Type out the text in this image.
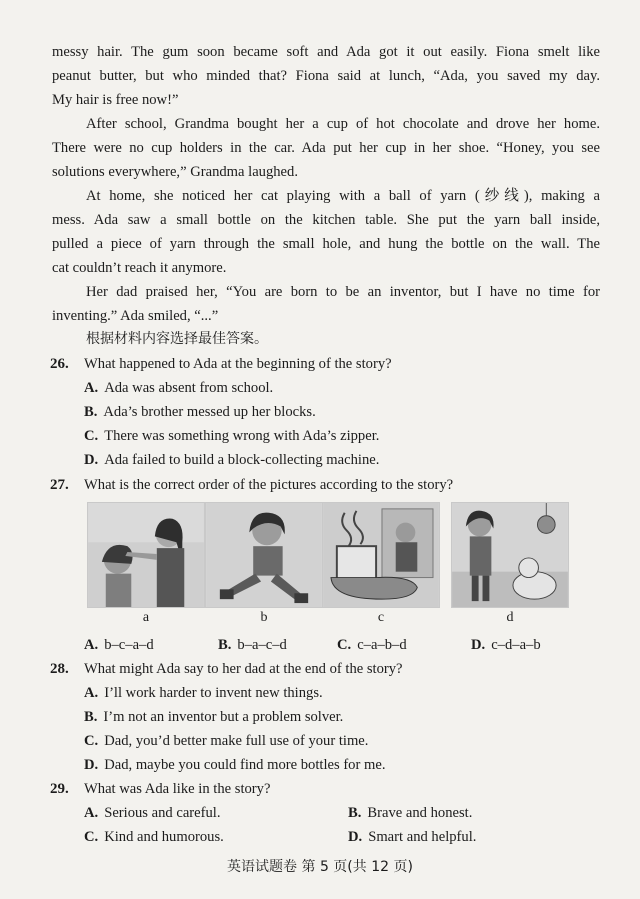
messy hair. The gum soon became soft and Ada got it out easily. Fiona smelt like
peanut butter, but who minded that? Fiona said at lunch, “Ada, you saved my day.
My hair is free now!”
After school, Grandma bought her a cup of hot chocolate and drove her home.
There were no cup holders in the car. Ada put her cup in her shoe. “Honey, you see
solutions everywhere,” Grandma laughed.
At home, she noticed her cat playing with a ball of yarn (纱线), making a
mess. Ada saw a small bottle on the kitchen table. She put the yarn ball inside,
pulled a piece of yarn through the small hole, and hung the bottle on the wall. The
cat couldn’t reach it anymore.
Her dad praised her, “You are born to be an inventor, but I have no time for
inventing.” Ada smiled, “...”
根据材料内容选择最佳答案。
26. What happened to Ada at the beginning of the story?
A. Ada was absent from school.
B. Ada’s brother messed up her blocks.
C. There was something wrong with Ada’s zipper.
D. Ada failed to build a block-collecting machine.
27. What is the correct order of the pictures according to the story?
a	b	c	d
A. b–c–a–d	B. b–a–c–d	C. c–a–b–d	D. c–d–a–b
28. What might Ada say to her dad at the end of the story?
A. I’ll work harder to invent new things.
B. I’m not an inventor but a problem solver.
C. Dad, you’d better make full use of your time.
D. Dad, maybe you could find more bottles for me.
29. What was Ada like in the story?
A. Serious and careful.	B. Brave and honest.
C. Kind and humorous.	D. Smart and helpful.
英语试题卷 第 5 页(共 12 页)
